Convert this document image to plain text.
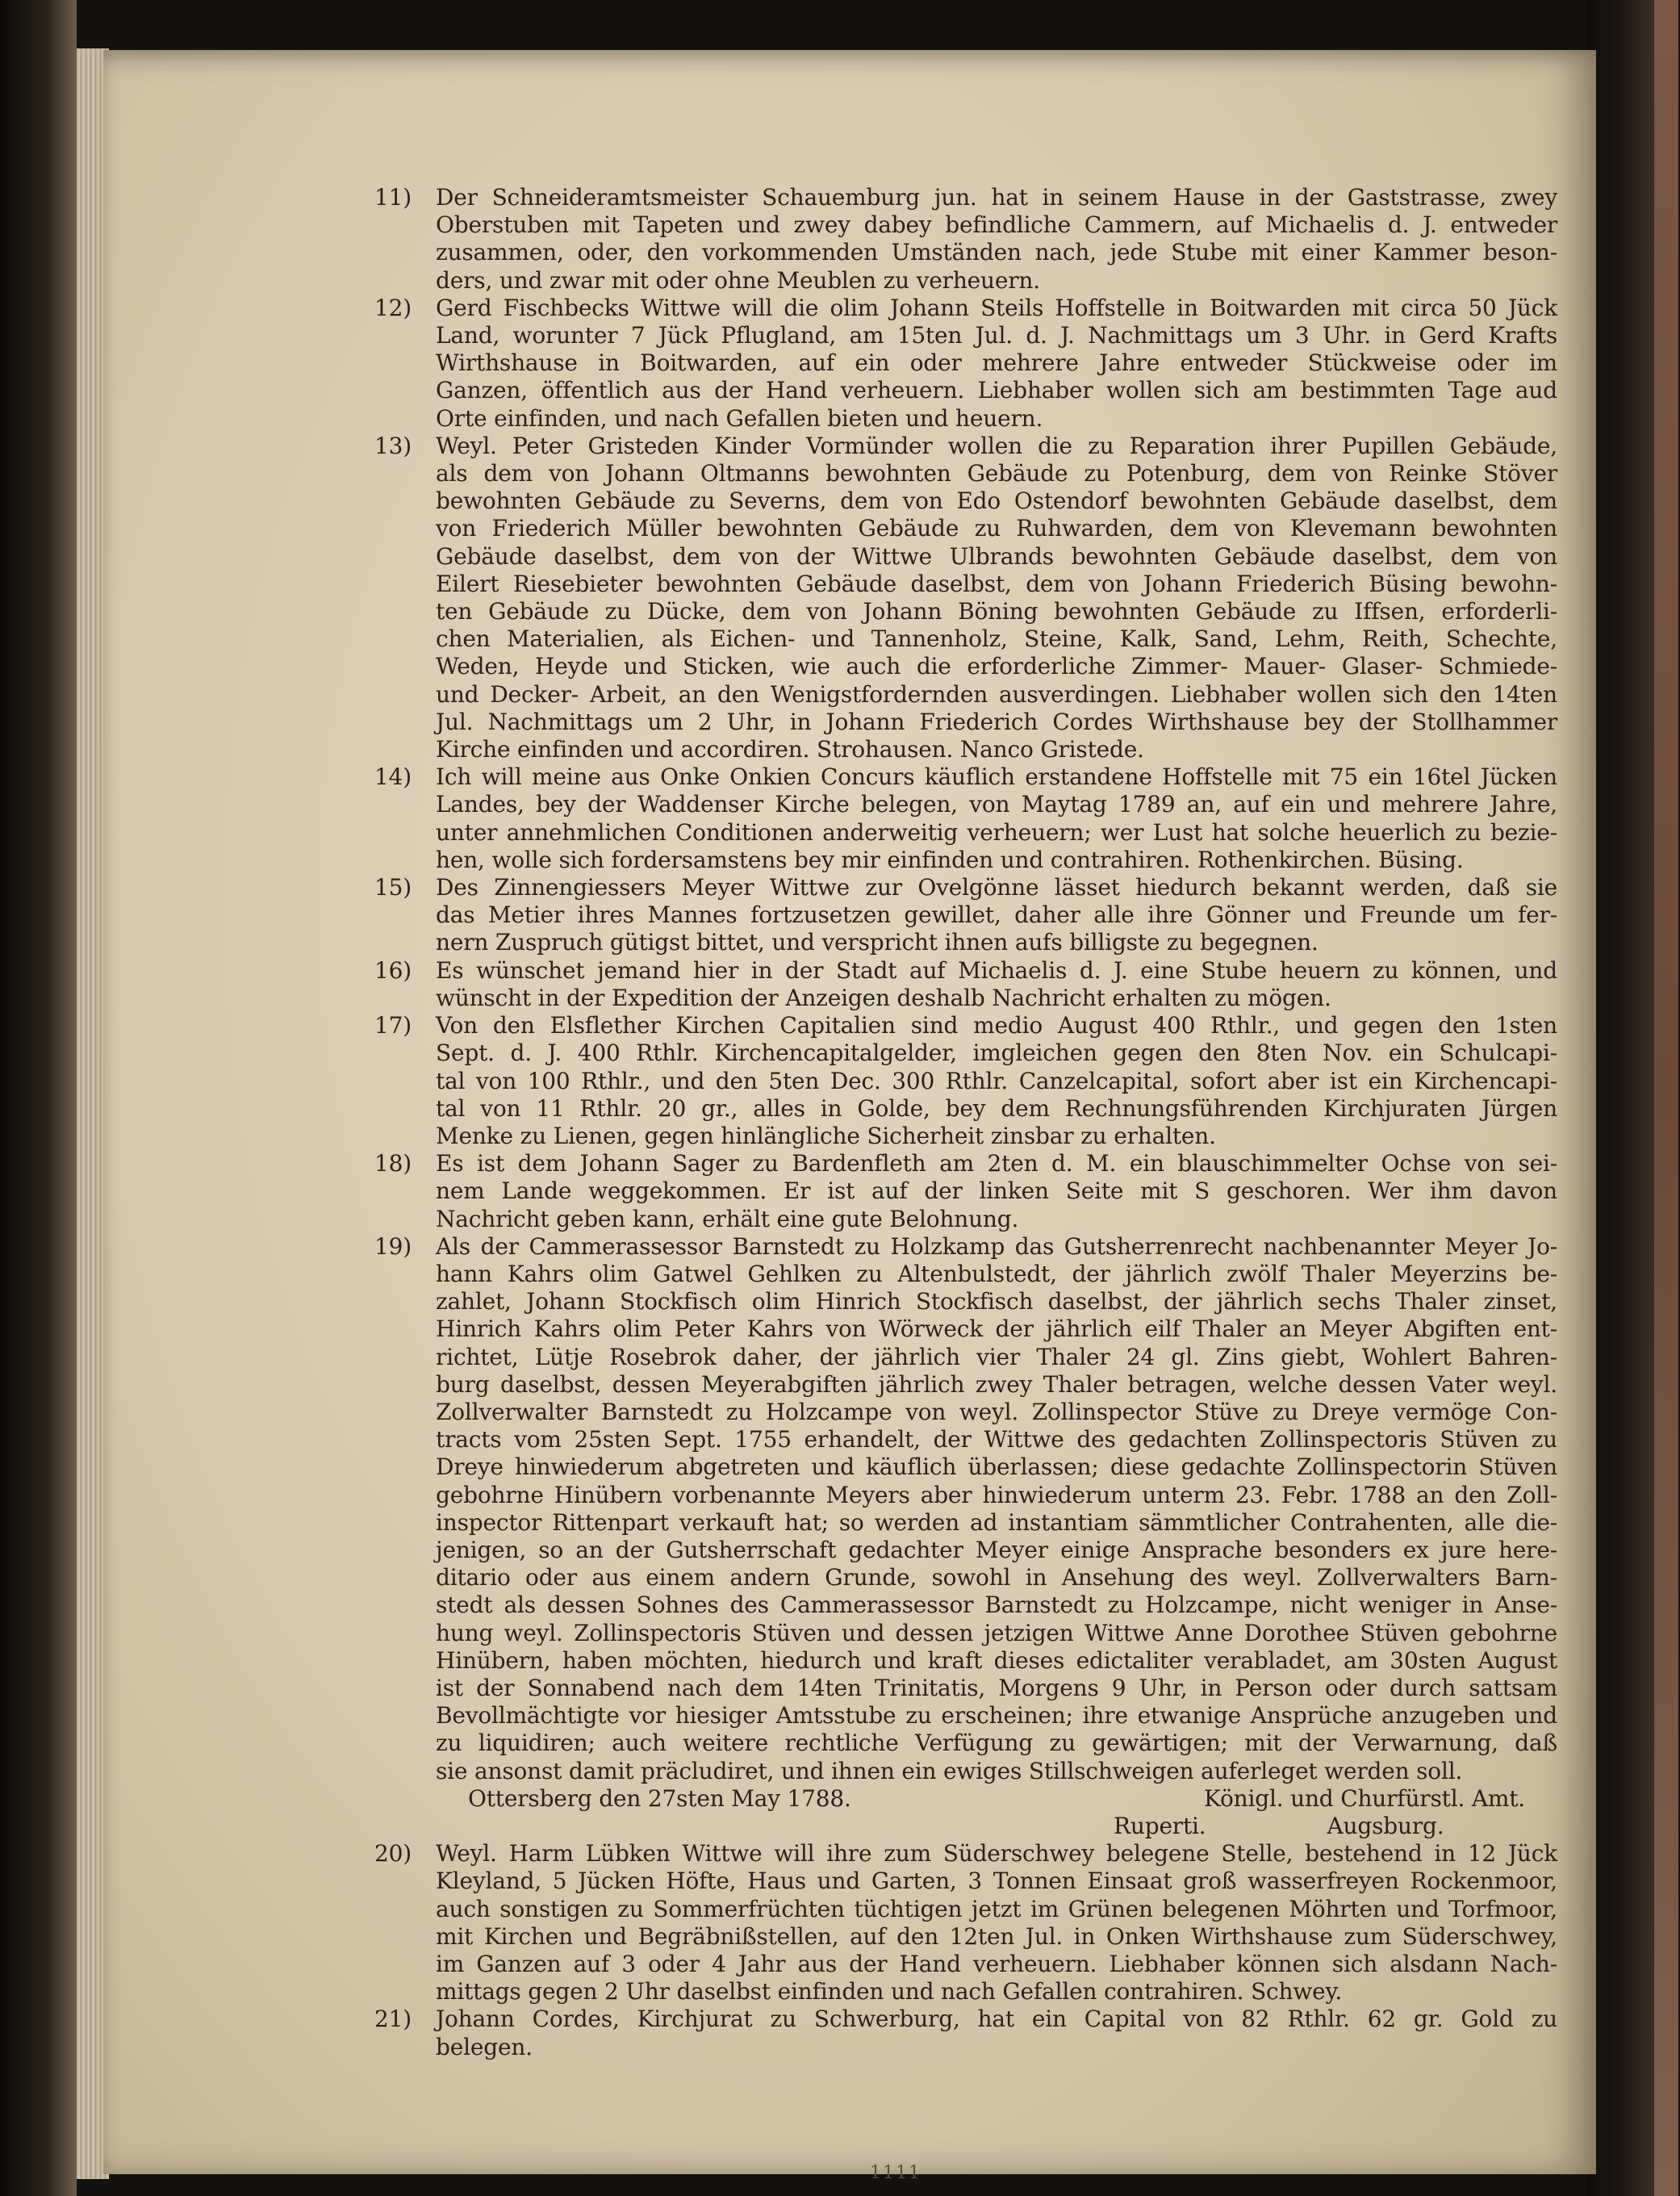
11)	Der Schneideramtsmeister Schauemburg jun. hat in seinem Hause in der Gaststrasse, zwey
Oberstuben mit Tapeten und zwey dabey befindliche Cammern, auf Michaelis d. J. entweder
zusammen, oder, den vorkommenden Umständen nach, jede Stube mit einer Kammer beson-
ders, und zwar mit oder ohne Meublen zu verheuern.
12)	Gerd Fischbecks Wittwe will die olim Johann Steils Hoffstelle in Boitwarden mit circa 50 Jück
Land, worunter 7 Jück Pflugland, am 15ten Jul. d. J. Nachmittags um 3 Uhr. in Gerd Krafts
Wirthshause in Boitwarden, auf ein oder mehrere Jahre entweder Stückweise oder im
Ganzen, öffentlich aus der Hand verheuern. Liebhaber wollen sich am bestimmten Tage aud
Orte einfinden, und nach Gefallen bieten und heuern.
13)	Weyl. Peter Gristeden Kinder Vormünder wollen die zu Reparation ihrer Pupillen Gebäude,
als dem von Johann Oltmanns bewohnten Gebäude zu Potenburg, dem von Reinke Stöver
bewohnten Gebäude zu Severns, dem von Edo Ostendorf bewohnten Gebäude daselbst, dem
von Friederich Müller bewohnten Gebäude zu Ruhwarden, dem von Klevemann bewohnten
Gebäude daselbst, dem von der Wittwe Ulbrands bewohnten Gebäude daselbst, dem von
Eilert Riesebieter bewohnten Gebäude daselbst, dem von Johann Friederich Büsing bewohn-
ten Gebäude zu Dücke, dem von Johann Böning bewohnten Gebäude zu Iffsen, erforderli-
chen Materialien, als Eichen- und Tannenholz, Steine, Kalk, Sand, Lehm, Reith, Schechte,
Weden, Heyde und Sticken, wie auch die erforderliche Zimmer- Mauer- Glaser- Schmiede-
und Decker- Arbeit, an den Wenigstfordernden ausverdingen. Liebhaber wollen sich den 14ten
Jul. Nachmittags um 2 Uhr, in Johann Friederich Cordes Wirthshause bey der Stollhammer
Kirche einfinden und accordiren. Strohausen. Nanco Gristede.
14)	Ich will meine aus Onke Onkien Concurs käuflich erstandene Hoffstelle mit 75 ein 16tel Jücken
Landes, bey der Waddenser Kirche belegen, von Maytag 1789 an, auf ein und mehrere Jahre,
unter annehmlichen Conditionen anderweitig verheuern; wer Lust hat solche heuerlich zu bezie-
hen, wolle sich fordersamstens bey mir einfinden und contrahiren. Rothenkirchen. Büsing.
15)	Des Zinnengiessers Meyer Wittwe zur Ovelgönne lässet hiedurch bekannt werden, daß sie
das Metier ihres Mannes fortzusetzen gewillet, daher alle ihre Gönner und Freunde um fer-
nern Zuspruch gütigst bittet, und verspricht ihnen aufs billigste zu begegnen.
16)	Es wünschet jemand hier in der Stadt auf Michaelis d. J. eine Stube heuern zu können, und
wünscht in der Expedition der Anzeigen deshalb Nachricht erhalten zu mögen.
17)	Von den Elsflether Kirchen Capitalien sind medio August 400 Rthlr., und gegen den 1sten
Sept. d. J. 400 Rthlr. Kirchencapitalgelder, imgleichen gegen den 8ten Nov. ein Schulcapi-
tal von 100 Rthlr., und den 5ten Dec. 300 Rthlr. Canzelcapital, sofort aber ist ein Kirchencapi-
tal von 11 Rthlr. 20 gr., alles in Golde, bey dem Rechnungsführenden Kirchjuraten Jürgen
Menke zu Lienen, gegen hinlängliche Sicherheit zinsbar zu erhalten.
18)	Es ist dem Johann Sager zu Bardenfleth am 2ten d. M. ein blauschimmelter Ochse von sei-
nem Lande weggekommen. Er ist auf der linken Seite mit S geschoren. Wer ihm davon
Nachricht geben kann, erhält eine gute Belohnung.
19)	Als der Cammerassessor Barnstedt zu Holzkamp das Gutsherrenrecht nachbenannter Meyer Jo-
hann Kahrs olim Gatwel Gehlken zu Altenbulstedt, der jährlich zwölf Thaler Meyerzins be-
zahlet, Johann Stockfisch olim Hinrich Stockfisch daselbst, der jährlich sechs Thaler zinset,
Hinrich Kahrs olim Peter Kahrs von Wörweck der jährlich eilf Thaler an Meyer Abgiften ent-
richtet, Lütje Rosebrok daher, der jährlich vier Thaler 24 gl. Zins giebt, Wohlert Bahren-
burg daselbst, dessen Meyerabgiften jährlich zwey Thaler betragen, welche dessen Vater weyl.
Zollverwalter Barnstedt zu Holzcampe von weyl. Zollinspector Stüve zu Dreye vermöge Con-
tracts vom 25sten Sept. 1755 erhandelt, der Wittwe des gedachten Zollinspectoris Stüven zu
Dreye hinwiederum abgetreten und käuflich überlassen; diese gedachte Zollinspectorin Stüven
gebohrne Hinübern vorbenannte Meyers aber hinwiederum unterm 23. Febr. 1788 an den Zoll-
inspector Rittenpart verkauft hat; so werden ad instantiam sämmtlicher Contrahenten, alle die-
jenigen, so an der Gutsherrschaft gedachter Meyer einige Ansprache besonders ex jure here-
ditario oder aus einem andern Grunde, sowohl in Ansehung des weyl. Zollverwalters Barn-
stedt als dessen Sohnes des Cammerassessor Barnstedt zu Holzcampe, nicht weniger in Anse-
hung weyl. Zollinspectoris Stüven und dessen jetzigen Wittwe Anne Dorothee Stüven gebohrne
Hinübern, haben möchten, hiedurch und kraft dieses edictaliter verabladet, am 30sten August
ist der Sonnabend nach dem 14ten Trinitatis, Morgens 9 Uhr, in Person oder durch sattsam
Bevollmächtigte vor hiesiger Amtsstube zu erscheinen; ihre etwanige Ansprüche anzugeben und
zu liquidiren; auch weitere rechtliche Verfügung zu gewärtigen; mit der Verwarnung, daß
sie ansonst damit präcludiret, und ihnen ein ewiges Stillschweigen auferleget werden soll.
Ottersberg den 27sten May 1788.	Königl. und Churfürstl. Amt.
Ruperti.	Augsburg.
20)	Weyl. Harm Lübken Wittwe will ihre zum Süderschwey belegene Stelle, bestehend in 12 Jück
Kleyland, 5 Jücken Höfte, Haus und Garten, 3 Tonnen Einsaat groß wasserfreyen Rockenmoor,
auch sonstigen zu Sommerfrüchten tüchtigen jetzt im Grünen belegenen Möhrten und Torfmoor,
mit Kirchen und Begräbnißstellen, auf den 12ten Jul. in Onken Wirthshause zum Süderschwey,
im Ganzen auf 3 oder 4 Jahr aus der Hand verheuern. Liebhaber können sich alsdann Nach-
mittags gegen 2 Uhr daselbst einfinden und nach Gefallen contrahiren. Schwey.
21)	Johann Cordes, Kirchjurat zu Schwerburg, hat ein Capital von 82 Rthlr. 62 gr. Gold zu
belegen.
1111
